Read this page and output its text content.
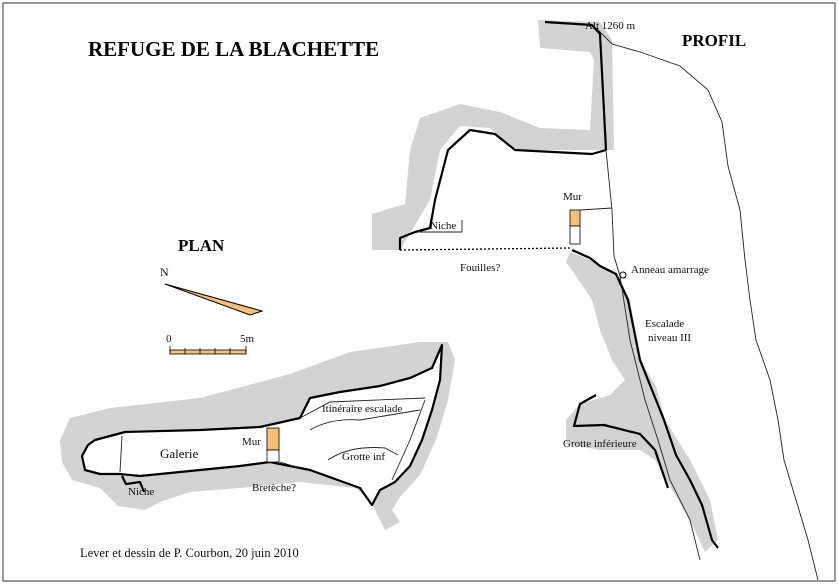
Galerie
Mur
Itinéraire escalade
Grotte inf
Niche	Bretèche?
PLAN
N
0	5m
Alt 1260 m
Mur
Niche
Fouilles?	Anneau amarrage
Escalade
niveau III
Grotte inférieure
PROFIL
REFUGE DE LA BLACHETTE
Lever et dessin de P. Courbon, 20 juin 2010
